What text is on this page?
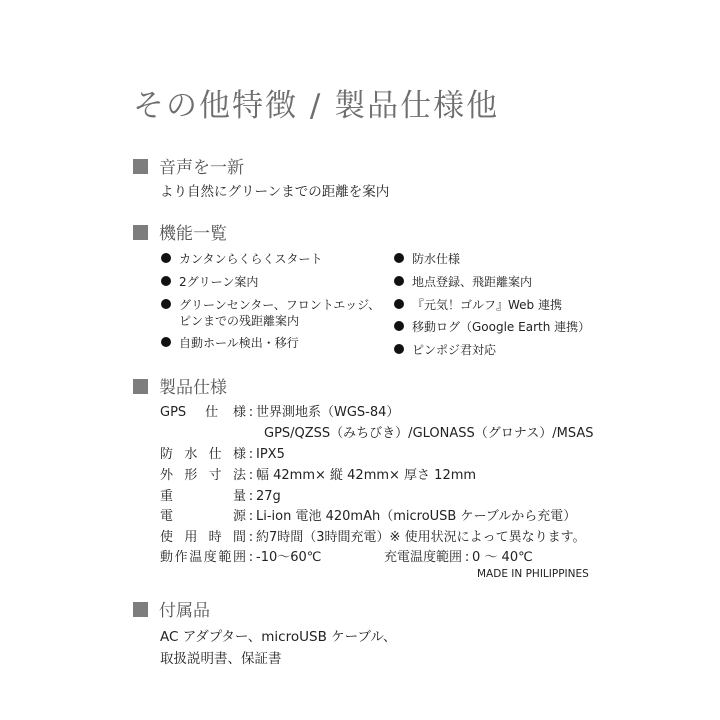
その他特徴 / 製品仕様他
音声を一新
より自然にグリーンまでの距離を案内
機能一覧
カンタンらくらくスタート
2グリーン案内
グリーンセンター、フロントエッジ、
ピンまでの残距離案内
自動ホール検出・移行
防水仕様
地点登録、飛距離案内
『元気！ゴルフ』Web 連携
移動ログ（Google Earth 連携）
ピンポジ君対応
製品仕様
GPS 仕様 : 世界測地系（WGS-84）
GPS/QZSS（みちびき）/GLONASS（グロナス）/MSAS
防水仕様 : IPX5
外形寸法 : 幅 42mm× 縦 42mm× 厚さ 12mm
重量 : 27g
電源 : Li-ion 電池 420mAh（microUSB ケーブルから充電）
使用時間 : 約7時間（3時間充電）※ 使用状況によって異なります。
動作温度範囲 : -10〜60℃	充電温度範囲 : 0 〜 40℃
MADE IN PHILIPPINES
付属品
AC アダプター、microUSB ケーブル、
取扱説明書、保証書
